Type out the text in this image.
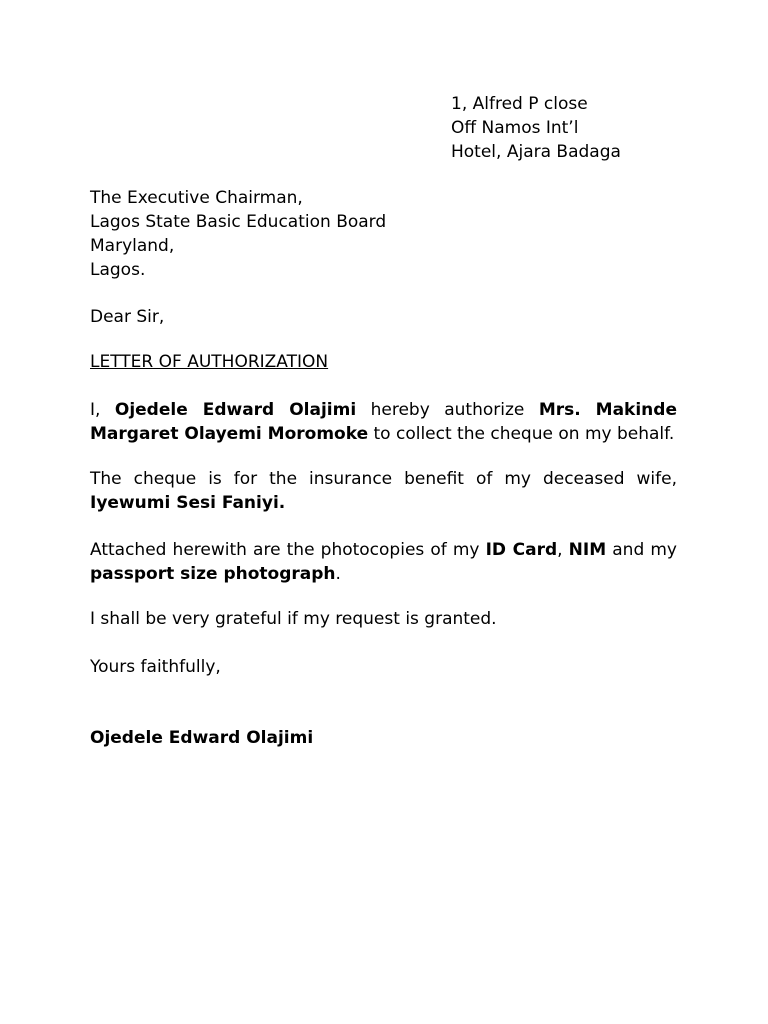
1, Alfred P close
Off Namos Int’l
Hotel, Ajara Badaga
The Executive Chairman,
Lagos State Basic Education Board
Maryland,
Lagos.
Dear Sir,
LETTER OF AUTHORIZATION
I, Ojedele Edward Olajimi hereby authorize Mrs. Makinde Margaret Olayemi Moromoke to collect the cheque on my behalf.
The cheque is for the insurance benefit of my deceased wife, Iyewumi Sesi Faniyi.
Attached herewith are the photocopies of my ID Card, NIM and my passport size photograph.
I shall be very grateful if my request is granted.
Yours faithfully,
Ojedele Edward Olajimi
